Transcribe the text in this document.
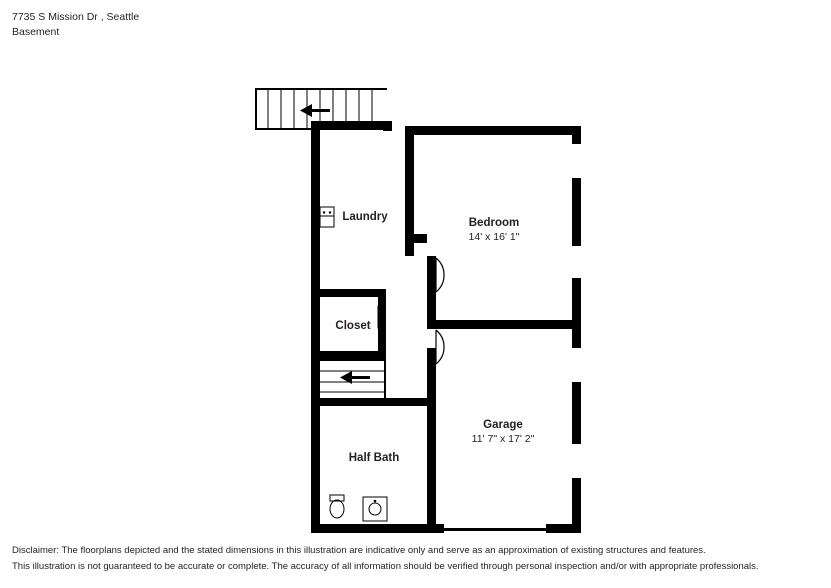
7735 S Mission Dr , Seattle
Basement
Laundry	Bedroom
14' x 16' 1"
Closet
Garage
11' 7" x 17' 2"
Half Bath
Disclaimer: The floorplans depicted and the stated dimensions in this illustration are indicative only and serve as an approximation of existing structures and features.
This illustration is not guaranteed to be accurate or complete. The accuracy of all information should be verified through personal inspection and/or with appropriate professionals.
